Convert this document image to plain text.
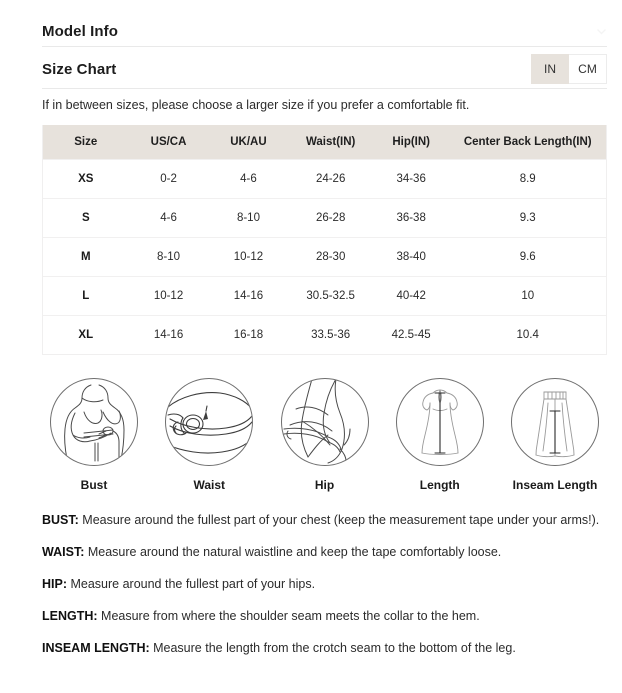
Model Info
Size Chart	IN	CM
If in between sizes, please choose a larger size if you prefer a comfortable fit.
Size	US/CA	UK/AU	Waist(IN)	Hip(IN)	Center Back Length(IN)
XS	0-2	4-6	24-26	34-36	8.9
S	4-6	8-10	26-28	36-38	9.3
M	8-10	10-12	28-30	38-40	9.6
L	10-12	14-16	30.5-32.5	40-42	10
XL	14-16	16-18	33.5-36	42.5-45	10.4
Bust	Waist	Hip	Length	Inseam Length
BUST: Measure around the fullest part of your chest (keep the measurement tape under your arms!).
WAIST: Measure around the natural waistline and keep the tape comfortably loose.
HIP: Measure around the fullest part of your hips.
LENGTH: Measure from where the shoulder seam meets the collar to the hem.
INSEAM LENGTH: Measure the length from the crotch seam to the bottom of the leg.
